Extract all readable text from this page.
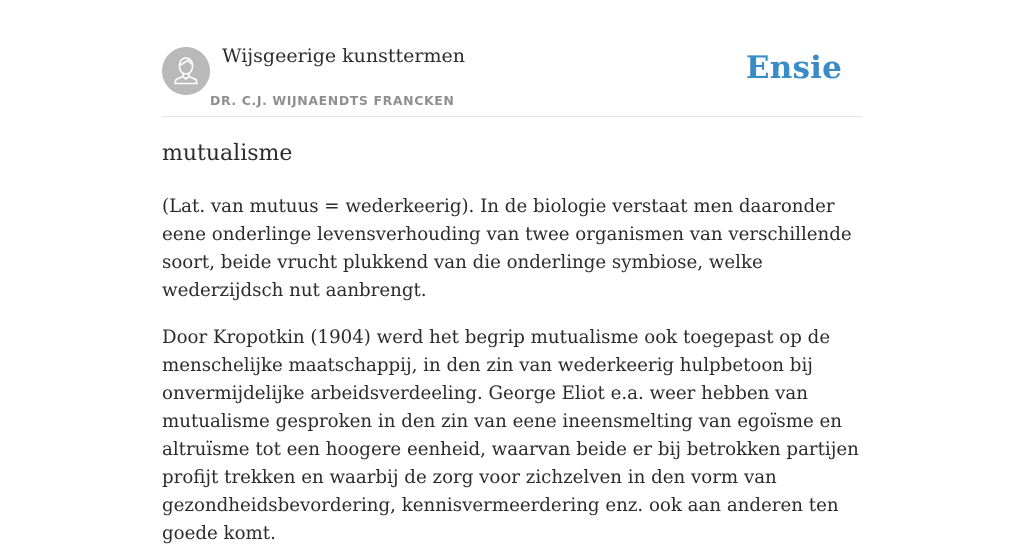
Wijsgeerige kunsttermen
DR. C.J. WIJNAENDTS FRANCKEN
Ensie
mutualisme

(Lat. van mutuus = wederkeerig). In de biologie verstaat men daaronder eene onderlinge levensverhouding van twee organismen van verschillende soort, beide vrucht plukkend van die onderlinge symbiose, welke wederzijdsch nut aanbrengt.

Door Kropotkin (1904) werd het begrip mutualisme ook toegepast op de menschelijke maatschappij, in den zin van wederkeerig hulpbetoon bij onvermijdelijke arbeidsverdeeling. George Eliot e.a. weer hebben van mutualisme gesproken in den zin van eene ineensmelting van egoïsme en altruïsme tot een hoogere eenheid, waarvan beide er bij betrokken partijen profijt trekken en waarbij de zorg voor zichzelven in den vorm van gezondheidsbevordering, kennisvermeerdering enz. ook aan anderen ten goede komt.
